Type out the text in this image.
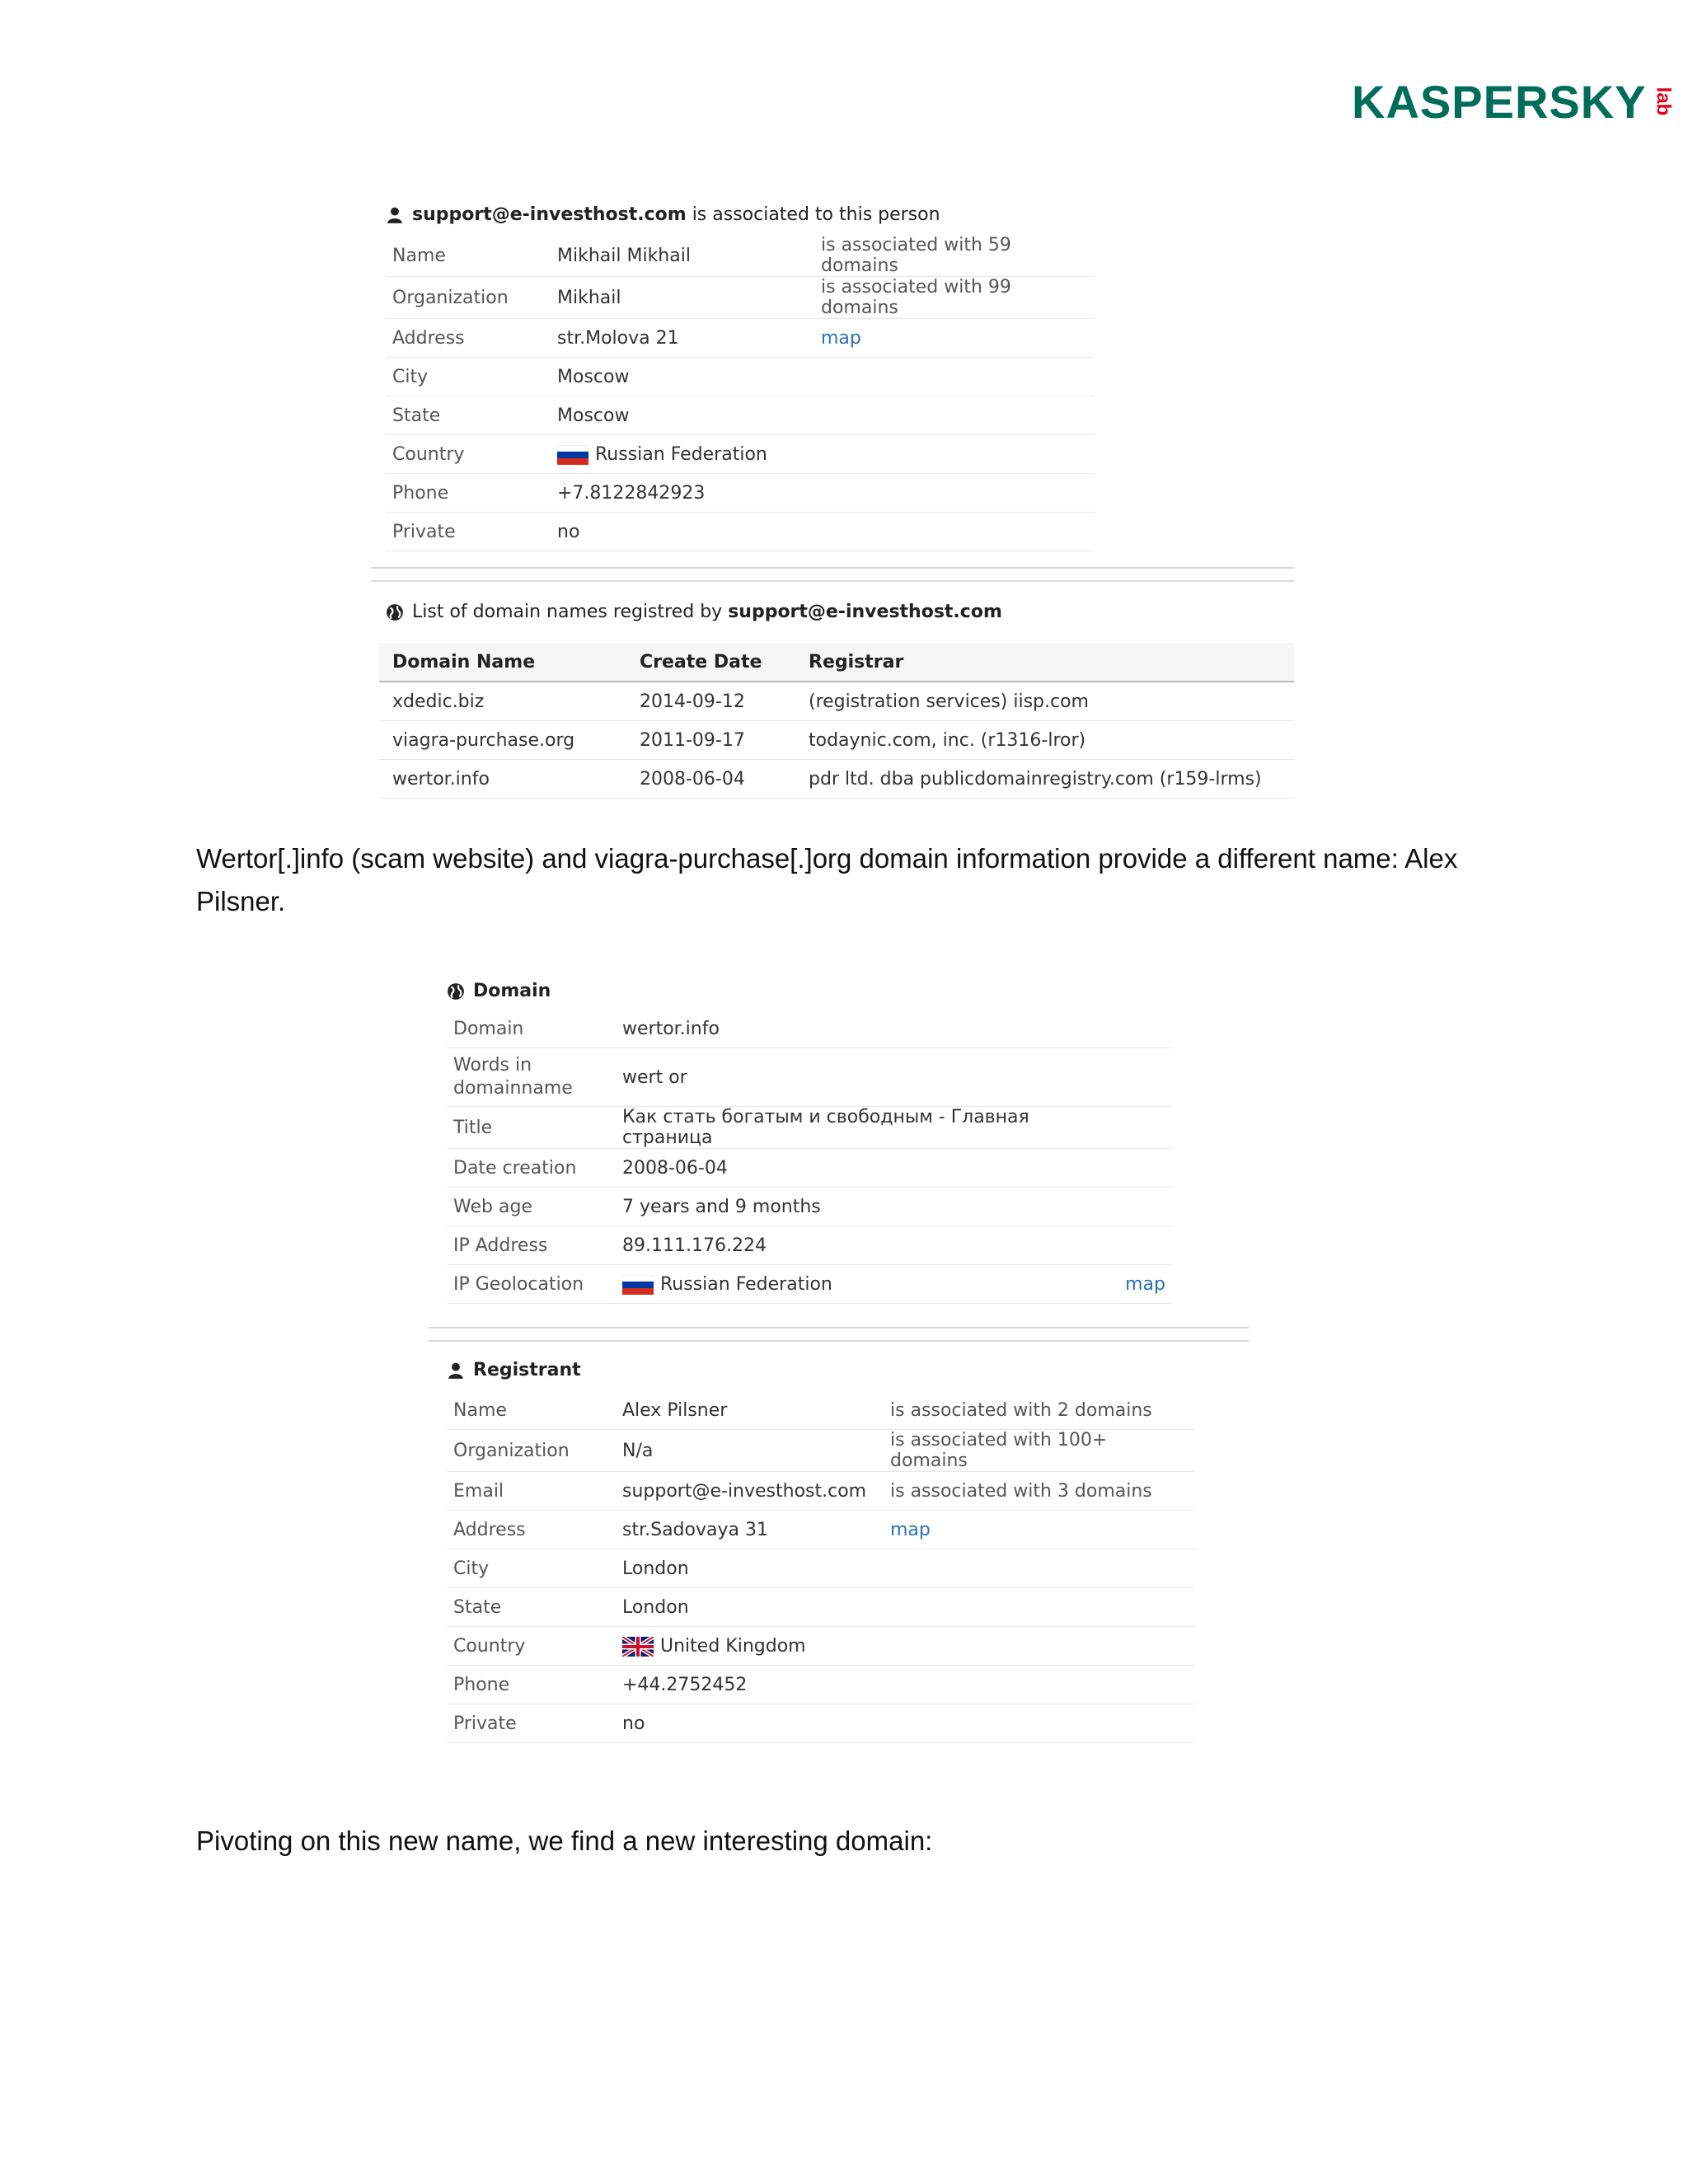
KASPERSKY lab
support@e-investhost.com is associated to this person
Name	Mikhail Mikhail	is associated with 59 domains
Organization	Mikhail	is associated with 99 domains
Address	str.Molova 21	map
City	Moscow	
State	Moscow	
Country	Russian Federation	
Phone	+7.8122842923	
Private	no	
List of domain names registred by support@e-investhost.com
Domain Name	Create Date	Registrar
xdedic.biz	2014-09-12	(registration services) iisp.com
viagra-purchase.org	2011-09-17	todaynic.com, inc. (r1316-lror)
wertor.info	2008-06-04	pdr ltd. dba publicdomainregistry.com (r159-lrms)
Wertor[.]info (scam website) and viagra-purchase[.]org domain information provide a different name: Alex Pilsner.
Domain
Domain	wertor.info	
Words in domainname	wert or	
Title	Как стать богатым и свободным - Главная страница	
Date creation	2008-06-04	
Web age	7 years and 9 months	
IP Address	89.111.176.224	
IP Geolocation	Russian Federation	map
Registrant
Name	Alex Pilsner	is associated with 2 domains
Organization	N/a	is associated with 100+ domains
Email	support@e-investhost.com	is associated with 3 domains
Address	str.Sadovaya 31	map
City	London	
State	London	
Country	United Kingdom	
Phone	+44.2752452	
Private	no	
Pivoting on this new name, we find a new interesting domain:
